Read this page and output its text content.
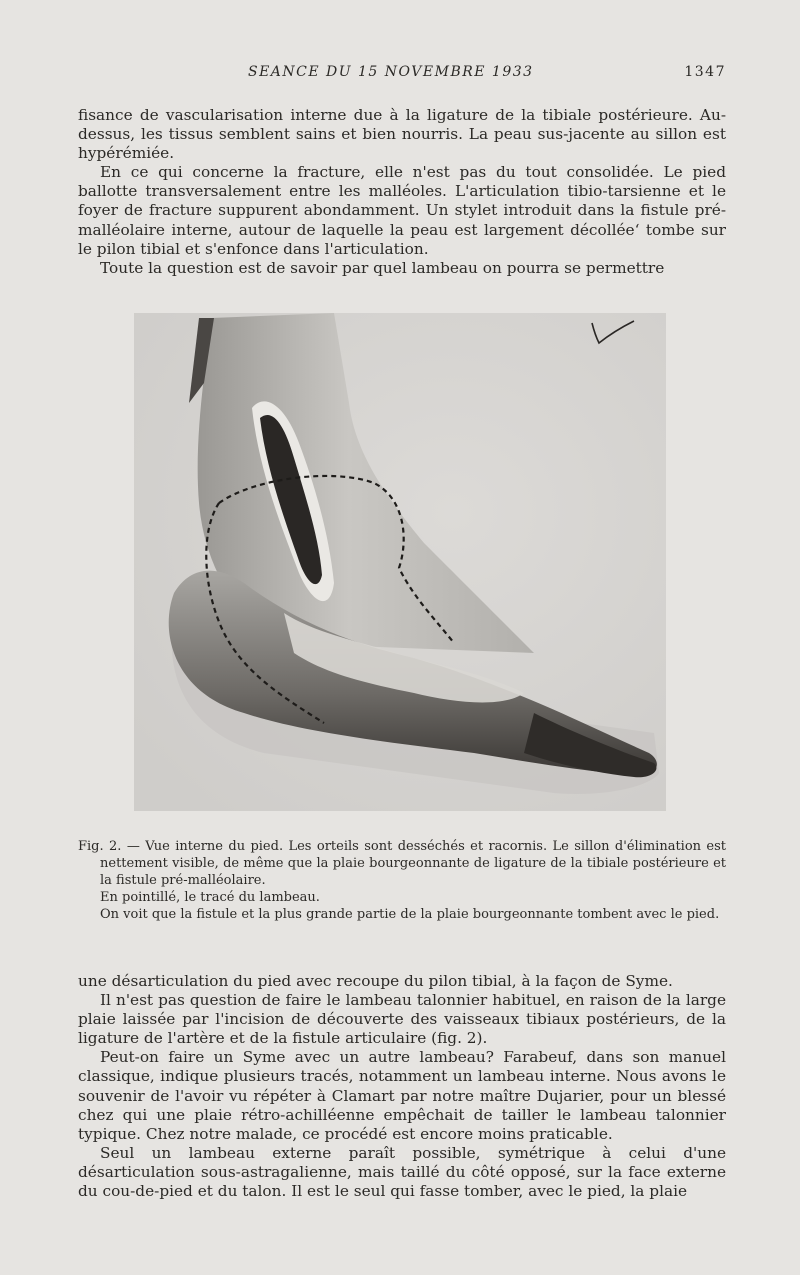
SEANCE DU 15 NOVEMBRE 1933	1347

fisance de vascularisation interne due à la ligature de la tibiale postérieure. Au-dessus, les tissus semblent sains et bien nourris. La peau sus-jacente au sillon est hypérémiée.

En ce qui concerne la fracture, elle n'est pas du tout consolidée. Le pied ballotte transversalement entre les malléoles. L'articulation tibio-tarsienne et le foyer de fracture suppurent abondamment. Un stylet introduit dans la fistule pré-malléolaire interne, autour de laquelle la peau est largement décollée‘ tombe sur le pilon tibial et s'enfonce dans l'articulation.

Toute la question est de savoir par quel lambeau on pourra se permettre

Fig. 2. — Vue interne du pied. Les orteils sont desséchés et racornis. Le sillon d'élimination est nettement visible, de même que la plaie bourgeonnante de ligature de la tibiale postérieure et la fistule pré-malléolaire.

En pointillé, le tracé du lambeau.

On voit que la fistule et la plus grande partie de la plaie bourgeonnante tombent avec le pied.

une désarticulation du pied avec recoupe du pilon tibial, à la façon de Syme.

Il n'est pas question de faire le lambeau talonnier habituel, en raison de la large plaie laissée par l'incision de découverte des vaisseaux tibiaux postérieurs, de la ligature de l'artère et de la fistule articulaire (fig. 2).

Peut-on faire un Syme avec un autre lambeau? Farabeuf, dans son manuel classique, indique plusieurs tracés, notamment un lambeau interne. Nous avons le souvenir de l'avoir vu répéter à Clamart par notre maître Dujarier, pour un blessé chez qui une plaie rétro-achilléenne empêchait de tailler le lambeau talonnier typique. Chez notre malade, ce procédé est encore moins praticable.

Seul un lambeau externe paraît possible, symétrique à celui d'une désarticulation sous-astragalienne, mais taillé du côté opposé, sur la face externe du cou-de-pied et du talon. Il est le seul qui fasse tomber, avec le pied, la plaie
